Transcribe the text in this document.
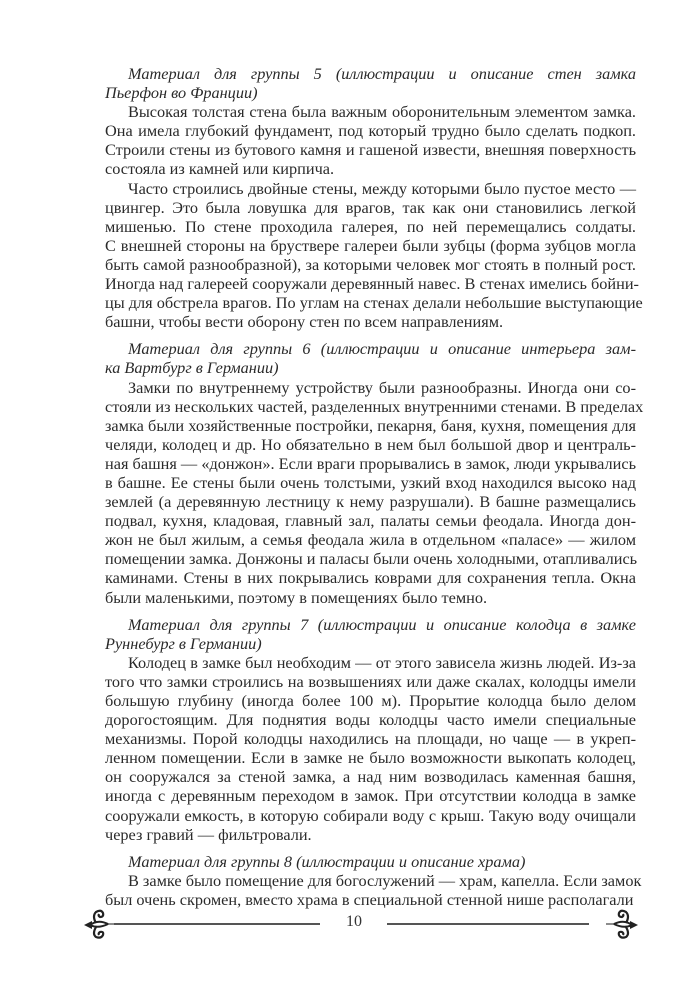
Материал для группы 5 (иллюстрации и описание стен замка
Пьерфон во Франции)
Высокая толстая стена была важным оборонительным элементом замка.
Она имела глубокий фундамент, под который трудно было сделать подкоп.
Строили стены из бутового камня и гашеной извести, внешняя поверхность
состояла из камней или кирпича.
Часто строились двойные стены, между которыми было пустое место —
цвингер. Это была ловушка для врагов, так как они становились легкой
мишенью. По стене проходила галерея, по ней перемещались солдаты.
С внешней стороны на бруствере галереи были зубцы (форма зубцов могла
быть самой разнообразной), за которыми человек мог стоять в полный рост.
Иногда над галереей сооружали деревянный навес. В стенах имелись бойни-
цы для обстрела врагов. По углам на стенах делали небольшие выступающие
башни, чтобы вести оборону стен по всем направлениям.
Материал для группы 6 (иллюстрации и описание интерьера зам-
ка Вартбург в Германии)
Замки по внутреннему устройству были разнообразны. Иногда они со-
стояли из нескольких частей, разделенных внутренними стенами. В пределах
замка были хозяйственные постройки, пекарня, баня, кухня, помещения для
челяди, колодец и др. Но обязательно в нем был большой двор и централь-
ная башня — «донжон». Если враги прорывались в замок, люди укрывались
в башне. Ее стены были очень толстыми, узкий вход находился высоко над
землей (а деревянную лестницу к нему разрушали). В башне размещались
подвал, кухня, кладовая, главный зал, палаты семьи феодала. Иногда дон-
жон не был жилым, а семья феодала жила в отдельном «паласе» — жилом
помещении замка. Донжоны и паласы были очень холодными, отапливались
каминами. Стены в них покрывались коврами для сохранения тепла. Окна
были маленькими, поэтому в помещениях было темно.
Материал для группы 7 (иллюстрации и описание колодца в замке
Руннебург в Германии)
Колодец в замке был необходим — от этого зависела жизнь людей. Из-за
того что замки строились на возвышениях или даже скалах, колодцы имели
большую глубину (иногда более 100 м). Прорытие колодца было делом
дорогостоящим. Для поднятия воды колодцы часто имели специальные
механизмы. Порой колодцы находились на площади, но чаще — в укреп-
ленном помещении. Если в замке не было возможности выкопать колодец,
он сооружался за стеной замка, а над ним возводилась каменная башня,
иногда с деревянным переходом в замок. При отсутствии колодца в замке
сооружали емкость, в которую собирали воду с крыш. Такую воду очищали
через гравий — фильтровали.
Материал для группы 8 (иллюстрации и описание храма)
В замке было помещение для богослужений — храм, капелла. Если замок
был очень скромен, вместо храма в специальной стенной нише располагали
10
